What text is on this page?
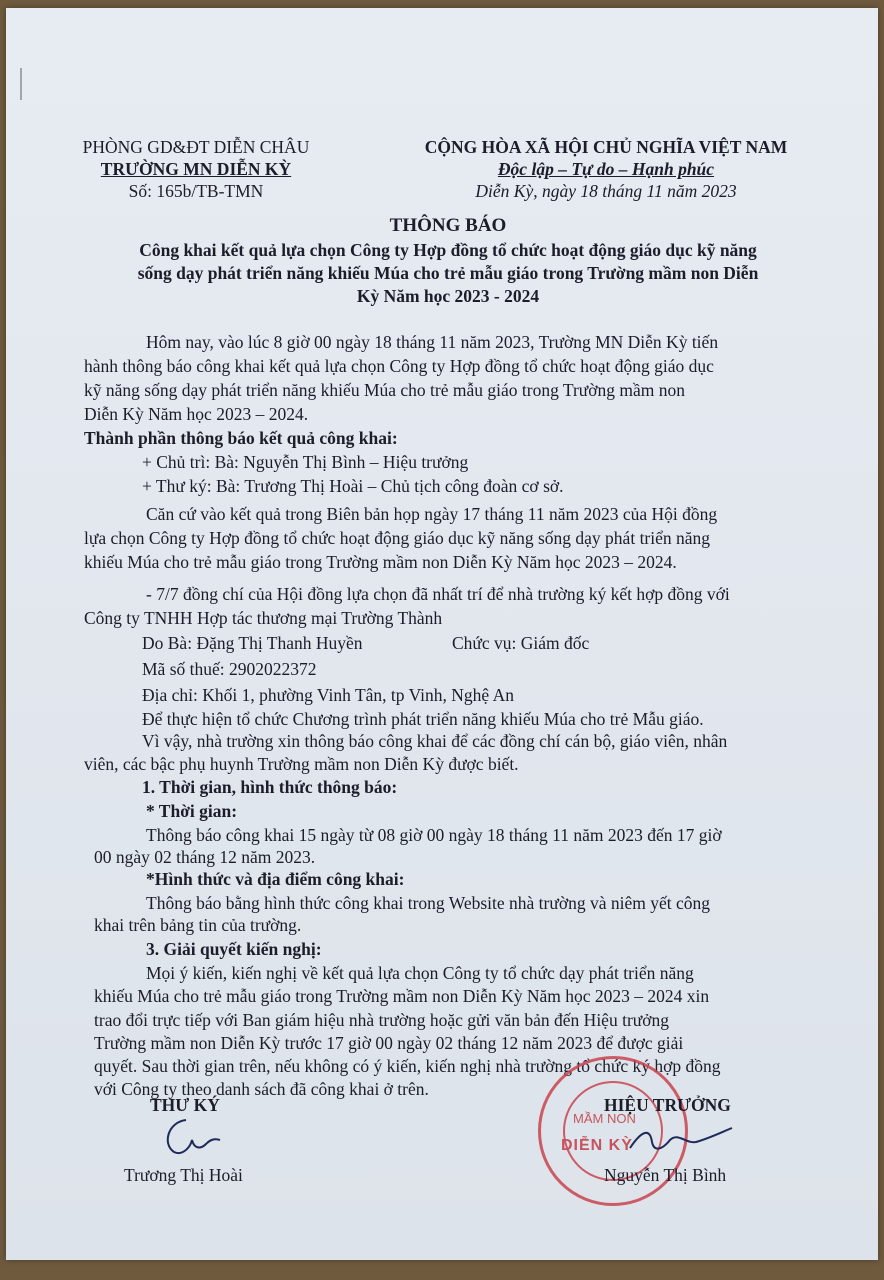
PHÒNG GD&ĐT DIỄN CHÂU
TRƯỜNG MN DIỄN KỲ
Số: 165b/TB-TMN
CỘNG HÒA XÃ HỘI CHỦ NGHĨA VIỆT NAM
Độc lập – Tự do – Hạnh phúc
Diễn Kỳ, ngày 18 tháng 11 năm 2023
THÔNG BÁO
Công khai kết quả lựa chọn Công ty Hợp đồng tổ chức hoạt động giáo dục kỹ năng
sống dạy phát triển năng khiếu Múa cho trẻ mẫu giáo trong Trường mầm non Diễn
Kỳ Năm học 2023 - 2024
Hôm nay, vào lúc 8 giờ 00 ngày 18 tháng 11 năm 2023, Trường MN Diễn Kỳ tiến
hành thông báo công khai kết quả lựa chọn Công ty Hợp đồng tổ chức hoạt động giáo dục
kỹ năng sống dạy phát triển năng khiếu Múa cho trẻ mẫu giáo trong Trường mầm non
Diễn Kỳ Năm học 2023 – 2024.
Thành phần thông báo kết quả công khai:
+ Chủ trì: Bà: Nguyễn Thị Bình – Hiệu trưởng
+ Thư ký: Bà: Trương Thị Hoài – Chủ tịch công đoàn cơ sở.
Căn cứ vào kết quả trong Biên bản họp ngày 17 tháng 11 năm 2023 của Hội đồng
lựa chọn Công ty Hợp đồng tổ chức hoạt động giáo dục kỹ năng sống dạy phát triển năng
khiếu Múa cho trẻ mẫu giáo trong Trường mầm non Diễn Kỳ Năm học 2023 – 2024.
- 7/7 đồng chí của Hội đồng lựa chọn đã nhất trí để nhà trường ký kết hợp đồng với
Công ty TNHH Hợp tác thương mại Trường Thành
Do Bà: Đặng Thị Thanh Huyền	Chức vụ: Giám đốc
Mã số thuế: 2902022372
Địa chỉ: Khối 1, phường Vinh Tân, tp Vinh, Nghệ An
Để thực hiện tổ chức Chương trình phát triển năng khiếu Múa cho trẻ Mẫu giáo.
Vì vậy, nhà trường xin thông báo công khai để các đồng chí cán bộ, giáo viên, nhân
viên, các bậc phụ huynh Trường mầm non Diễn Kỳ được biết.
1. Thời gian, hình thức thông báo:
* Thời gian:
Thông báo công khai 15 ngày từ 08 giờ 00 ngày 18 tháng 11 năm 2023 đến 17 giờ
00 ngày 02 tháng 12 năm 2023.
*Hình thức và địa điểm công khai:
Thông báo bằng hình thức công khai trong Website nhà trường và niêm yết công
khai trên bảng tin của trường.
3. Giải quyết kiến nghị:
Mọi ý kiến, kiến nghị về kết quả lựa chọn Công ty tổ chức dạy phát triển năng
khiếu Múa cho trẻ mẫu giáo trong Trường mầm non Diễn Kỳ Năm học 2023 – 2024 xin
trao đổi trực tiếp với Ban giám hiệu nhà trường hoặc gửi văn bản đến Hiệu trưởng
Trường mầm non Diễn Kỳ trước 17 giờ 00 ngày 02 tháng 12 năm 2023 để được giải
quyết. Sau thời gian trên, nếu không có ý kiến, kiến nghị nhà trường tổ chức ký hợp đồng
với Công ty theo danh sách đã công khai ở trên.
THƯ KÝ
Trương Thị Hoài
MẦM NON
DIỄN KỲ
HIỆU TRƯỞNG
Nguyễn Thị Bình
